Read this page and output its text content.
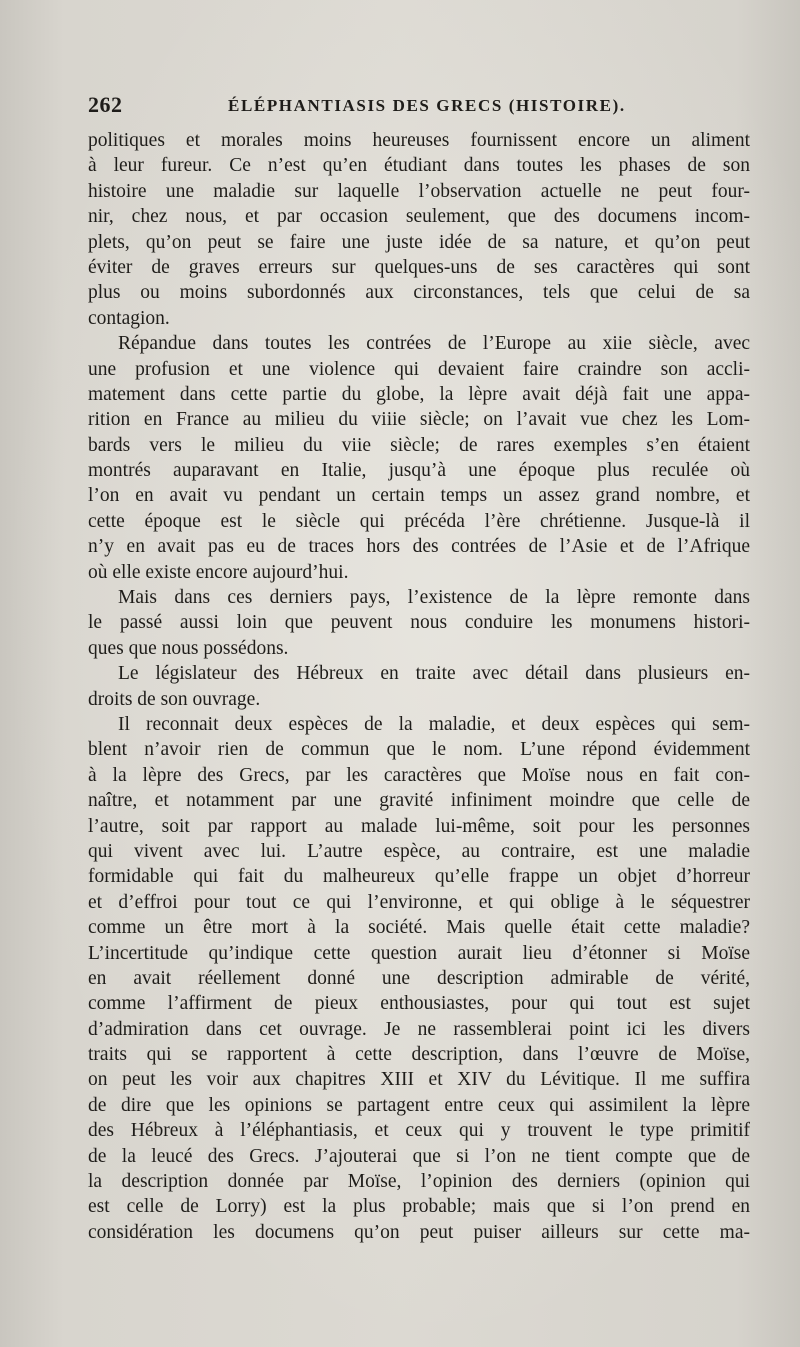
262	ÉLÉPHANTIASIS DES GRECS (HISTOIRE).
politiques et morales moins heureuses fournissent encore un aliment
à leur fureur. Ce n’est qu’en étudiant dans toutes les phases de son
histoire une maladie sur laquelle l’observation actuelle ne peut four-
nir, chez nous, et par occasion seulement, que des documens incom-
plets, qu’on peut se faire une juste idée de sa nature, et qu’on peut
éviter de graves erreurs sur quelques-uns de ses caractères qui sont
plus ou moins subordonnés aux circonstances, tels que celui de sa
contagion.
Répandue dans toutes les contrées de l’Europe au xiie siècle, avec
une profusion et une violence qui devaient faire craindre son accli-
matement dans cette partie du globe, la lèpre avait déjà fait une appa-
rition en France au milieu du viiie siècle; on l’avait vue chez les Lom-
bards vers le milieu du viie siècle; de rares exemples s’en étaient
montrés auparavant en Italie, jusqu’à une époque plus reculée où
l’on en avait vu pendant un certain temps un assez grand nombre, et
cette époque est le siècle qui précéda l’ère chrétienne. Jusque-là il
n’y en avait pas eu de traces hors des contrées de l’Asie et de l’Afrique
où elle existe encore aujourd’hui.
Mais dans ces derniers pays, l’existence de la lèpre remonte dans
le passé aussi loin que peuvent nous conduire les monumens histori-
ques que nous possédons.
Le législateur des Hébreux en traite avec détail dans plusieurs en-
droits de son ouvrage.
Il reconnait deux espèces de la maladie, et deux espèces qui sem-
blent n’avoir rien de commun que le nom. L’une répond évidemment
à la lèpre des Grecs, par les caractères que Moïse nous en fait con-
naître, et notamment par une gravité infiniment moindre que celle de
l’autre, soit par rapport au malade lui-même, soit pour les personnes
qui vivent avec lui. L’autre espèce, au contraire, est une maladie
formidable qui fait du malheureux qu’elle frappe un objet d’horreur
et d’effroi pour tout ce qui l’environne, et qui oblige à le séquestrer
comme un être mort à la société. Mais quelle était cette maladie?
L’incertitude qu’indique cette question aurait lieu d’étonner si Moïse
en avait réellement donné une description admirable de vérité,
comme l’affirment de pieux enthousiastes, pour qui tout est sujet
d’admiration dans cet ouvrage. Je ne rassemblerai point ici les divers
traits qui se rapportent à cette description, dans l’œuvre de Moïse,
on peut les voir aux chapitres XIII et XIV du Lévitique. Il me suffira
de dire que les opinions se partagent entre ceux qui assimilent la lèpre
des Hébreux à l’éléphantiasis, et ceux qui y trouvent le type primitif
de la leucé des Grecs. J’ajouterai que si l’on ne tient compte que de
la description donnée par Moïse, l’opinion des derniers (opinion qui
est celle de Lorry) est la plus probable; mais que si l’on prend en
considération les documens qu’on peut puiser ailleurs sur cette ma-
